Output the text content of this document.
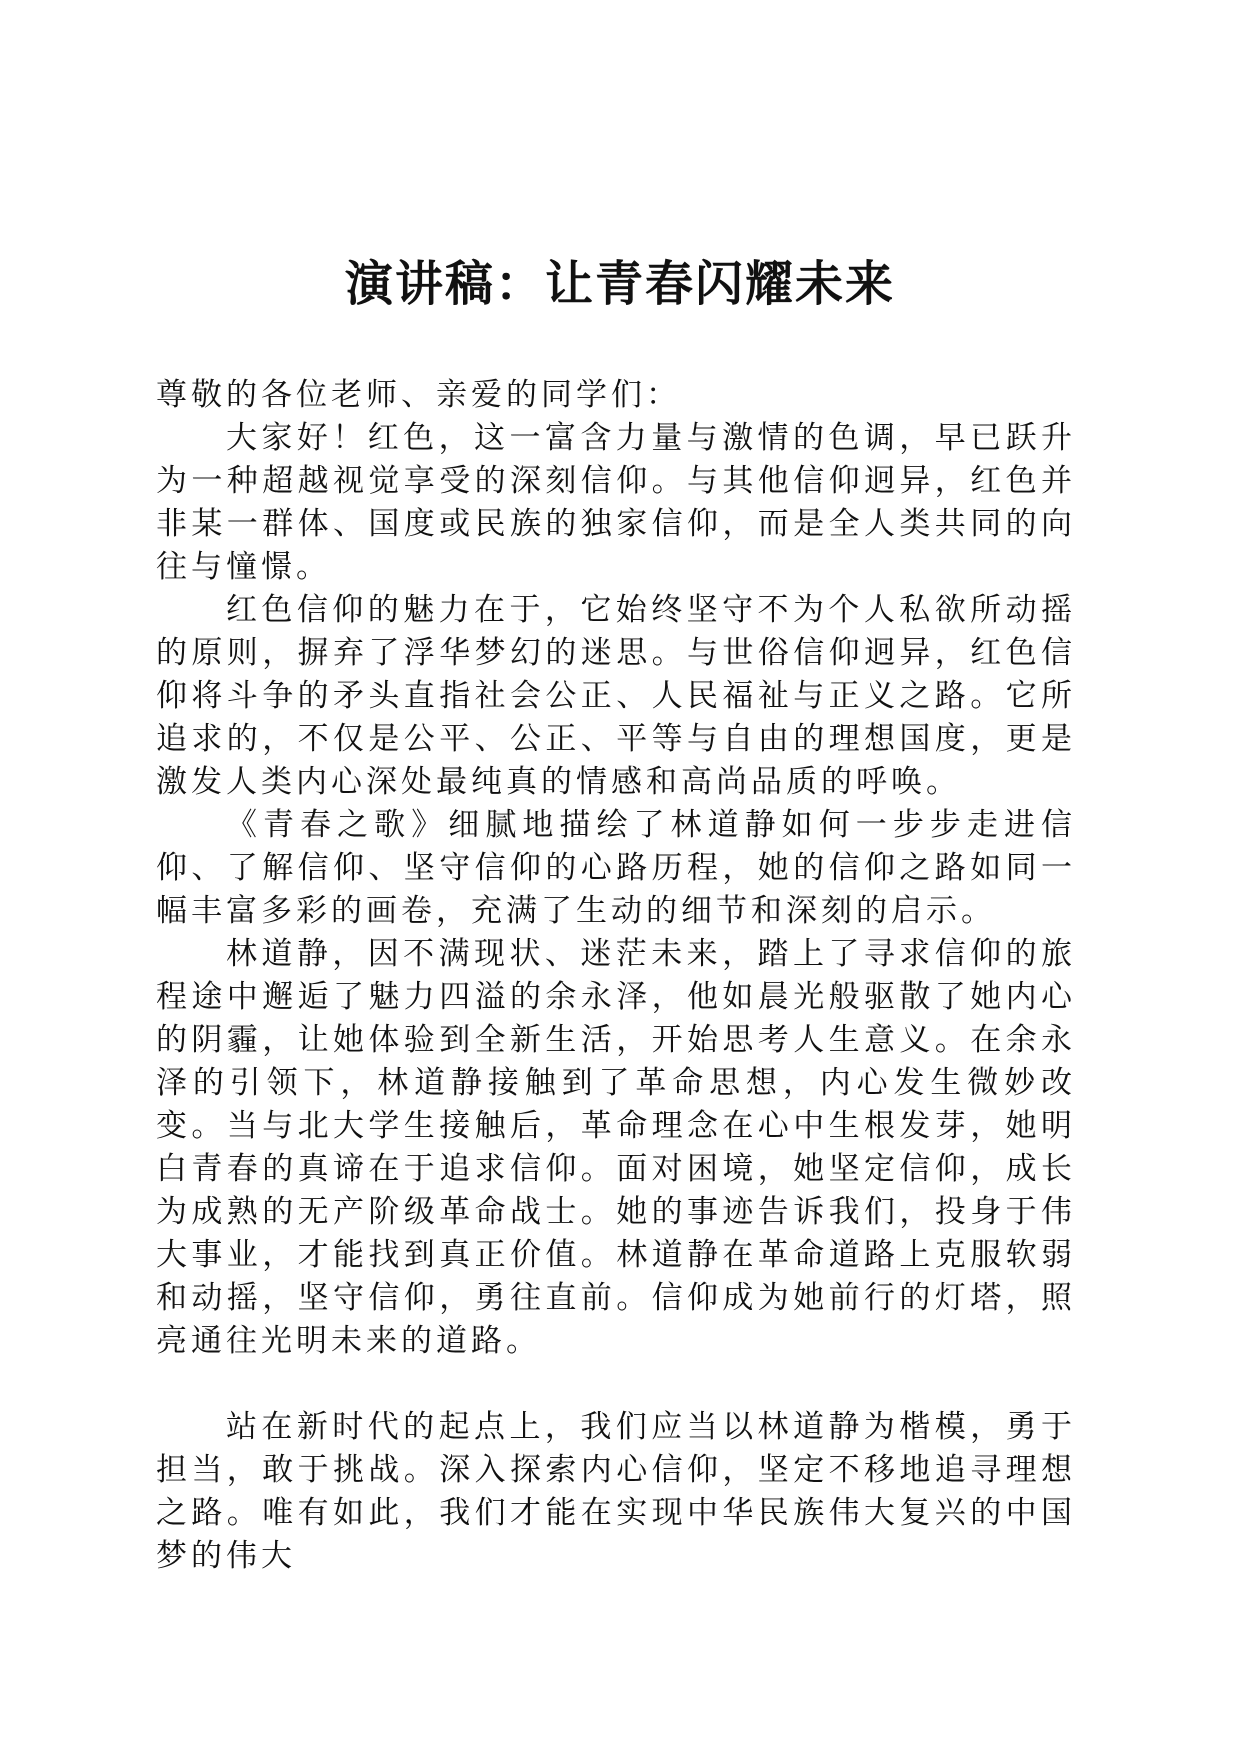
演讲稿：让青春闪耀未来

尊敬的各位老师、亲爱的同学们：

大家好！红色，这一富含力量与激情的色调，早已跃升为一种超越视觉享受的深刻信仰。与其他信仰迥异，红色并非某一群体、国度或民族的独家信仰，而是全人类共同的向往与憧憬。

红色信仰的魅力在于，它始终坚守不为个人私欲所动摇的原则，摒弃了浮华梦幻的迷思。与世俗信仰迥异，红色信仰将斗争的矛头直指社会公正、人民福祉与正义之路。它所追求的，不仅是公平、公正、平等与自由的理想国度，更是激发人类内心深处最纯真的情感和高尚品质的呼唤。

《青春之歌》细腻地描绘了林道静如何一步步走进信仰、了解信仰、坚守信仰的心路历程，她的信仰之路如同一幅丰富多彩的画卷，充满了生动的细节和深刻的启示。

林道静，因不满现状、迷茫未来，踏上了寻求信仰的旅程途中邂逅了魅力四溢的余永泽，他如晨光般驱散了她内心的阴霾，让她体验到全新生活，开始思考人生意义。在余永泽的引领下，林道静接触到了革命思想，内心发生微妙改变。当与北大学生接触后，革命理念在心中生根发芽，她明白青春的真谛在于追求信仰。面对困境，她坚定信仰，成长为成熟的无产阶级革命战士。她的事迹告诉我们，投身于伟大事业，才能找到真正价值。林道静在革命道路上克服软弱和动摇，坚守信仰，勇往直前。信仰成为她前行的灯塔，照亮通往光明未来的道路。

站在新时代的起点上，我们应当以林道静为楷模，勇于担当，敢于挑战。深入探索内心信仰，坚定不移地追寻理想之路。唯有如此，我们才能在实现中华民族伟大复兴的中国梦的伟大
